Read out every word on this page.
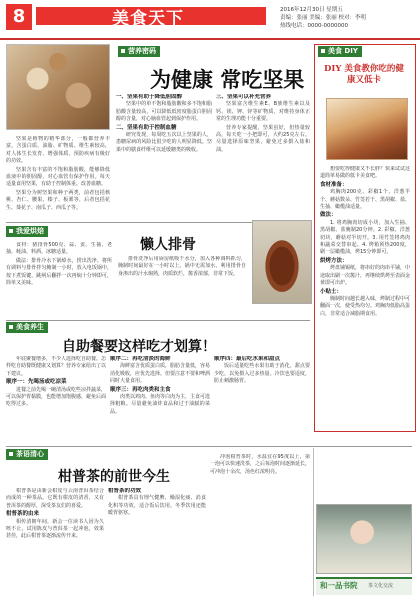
8	美食天下	2016年12月30日 星期五
责编：张丽 美编：张丽 校对：李明
热线电话：0000-0000000
营养密码
为健康 常吃坚果

坚果是植物的精华部分，一般都营养丰富，含蛋白质、油脂、矿物质、维生素较高，对人体生长发育、增强体质、预防疾病有极好的功效。

坚果含有丰富的不饱和脂肪酸，能够降低血液中的胆固醇，对心血管有保护作用。每天适量食用坚果，有助于控制体重、改善血糖。

坚果分为树坚果和种子两类，前者包括核桃、杏仁、腰果、榛子、板栗等，后者包括花生、葵花子、南瓜子、西瓜子等。

一、坚果有助于降低胆固醇

坚果中的单不饱和脂肪酸和多不饱和脂肪酸含量较高，可以降低低密度脂蛋白胆固醇的含量，对心脑血管起到保护作用。

二、坚果有助于控制血糖

研究发现，每周吃五次以上坚果的人，患糖尿病的风险比很少吃的人明显降低。坚果中的膳食纤维可以延缓糖类的吸收。

三、坚果可以补充营养

坚果富含维生素E、B族维生素以及钙、镁、钾、锌等矿物质，对维持身体正常的生理功能十分重要。

营养专家提醒，坚果虽好，但热量较高，每天吃一小把即可，大约25克左右。尽量选择原味坚果，避免过多摄入盐和油。

美食 DIY
DIY 美食教你吃的健康又低卡

想要吃得健康又不长胖？快来试试这道简单易做的低卡美食吧。

食材准备：

鸡胸肉200克、彩椒1个、洋葱半个、蘑菇数朵、竹签若干、黑胡椒、盐、生抽、橄榄油适量。

做法：

1. 将鸡胸肉切成小块，加入生抽、黑胡椒、盐腌制20分钟。2. 彩椒、洋葱切块，蘑菇对半切开。3. 用竹签将鸡肉和蔬菜交替串起。4. 烤箱预热200度，刷一层橄榄油，烤15分钟即可。

烘烤方法：

烤盘铺锡纸，将串好的肉串平铺，中途取出刷一次酱汁，再继续烘烤至表面金黄即可出炉。

小贴士：

腌制时间越长越入味，烤制过程中可翻面一次，使受热均匀。鸡胸肉低脂高蛋白，非常适合减脂期食用。

我爱烘焙
懒人排骨

食材：猪排骨500克、蒜、姜、生抽、老抽、蚝油、料酒、冰糖适量。

做法：排骨冷水下锅焯水，捞出洗净。将所有调料与排骨拌匀腌制一小时，放入电饭锅中，按下煮饭键，跳闸后翻拌一次再焖十分钟即可，简单又美味。

排骨洗净后用厨房纸吸干水分，加入各种调料抓匀，腌制时间最好在一小时以上。锅中无需加水，利用排骨自身渗出的汁水焖熟，肉质软烂，酱香浓郁，非常下饭。

美食养生
自助餐要这样吃才划算！

年底聚餐增多，不少人选择吃自助餐。怎样吃自助餐既健康又划算？营养专家给出了以下建议。

顺序一：先喝汤或吃凉菜

进餐之前先喝一碗清汤或吃些凉拌蔬菜，可以保护胃黏膜，也能增加饱腹感，避免后面吃得过多。

顺序二：再吃清淡的海鲜

海鲜富含优质蛋白质，脂肪含量低，容易消化吸收，应优先选择。但要注意不要和啤酒同时大量食用。

顺序三：再吃肉类和主食

肉类以鸡肉、鱼肉等白肉为主，主食可选择粗粮。尽量避免油炸食品和过于油腻的菜品。

顺序四：最后吃水果和甜点

饭后适量吃些水果有助于消化，甜点要少吃，以免摄入过多热量。冷饮也要适度，防止刺激肠胃。

茶语清心
柑普茶的前世今生

柑普茶是由新会柑皮与云南普洱茶结合而成的一种茶品。它既有柑皮的清香，又有普洱茶的醇厚，深受茶友们的喜爱。

柑普茶的由来

相传清朝年间，新会一位读书人因为久咳不止，试用陈皮与普洱茶一起冲泡，效果甚佳，此后柑普茶逐渐流传开来。

柑普茶的功效

柑普茶具有理气健脾、燥湿化痰、消食化积等功效，适合饭后饮用。冬季饮用还能暖胃驱寒。

冲泡柑普茶时，水温宜在95度以上，第一泡可以快速洗茶，之后每泡时间逐渐延长，可冲泡十余次，汤色红浓明亮。

和一品书院 茶文化交流
